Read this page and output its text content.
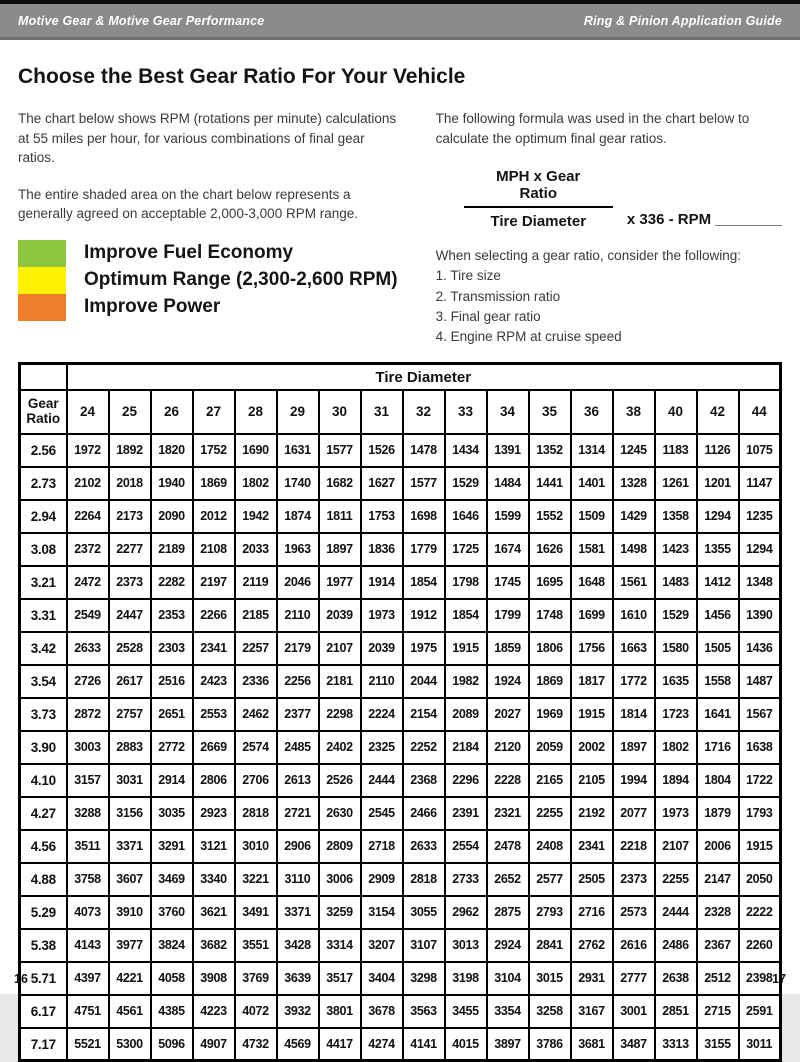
Motive Gear & Motive Gear Performance	Ring & Pinion Application Guide
Choose the Best Gear Ratio For Your Vehicle

The chart below shows RPM (rotations per minute) calculations at 55 miles per hour, for various combinations of final gear ratios.

The entire shaded area on the chart below represents a generally agreed on acceptable 2,000-3,000 RPM range.

Improve Fuel Economy
Optimum Range (2,300-2,600 RPM)
Improve Power

The following formula was used in the chart below to calculate the optimum final gear ratios.

$\frac{\text{MPH x Gear Ratio}}{\text{Tire Diameter}}$ x 336 - RPM ________
When selecting a gear ratio, consider the following:
1. Tire size
2. Transmission ratio
3. Final gear ratio
4. Engine RPM at cruise speed
	Tire Diameter																
Gear Ratio	24	25	26	27	28	29	30	31	32	33	34	35	36	38	40	42	44
2.56	1972	1892	1820	1752	1690	1631	1577	1526	1478	1434	1391	1352	1314	1245	1183	1126	1075
2.73	2102	2018	1940	1869	1802	1740	1682	1627	1577	1529	1484	1441	1401	1328	1261	1201	1147
2.94	2264	2173	2090	2012	1942	1874	1811	1753	1698	1646	1599	1552	1509	1429	1358	1294	1235
3.08	2372	2277	2189	2108	2033	1963	1897	1836	1779	1725	1674	1626	1581	1498	1423	1355	1294
3.21	2472	2373	2282	2197	2119	2046	1977	1914	1854	1798	1745	1695	1648	1561	1483	1412	1348
3.31	2549	2447	2353	2266	2185	2110	2039	1973	1912	1854	1799	1748	1699	1610	1529	1456	1390
3.42	2633	2528	2303	2341	2257	2179	2107	2039	1975	1915	1859	1806	1756	1663	1580	1505	1436
3.54	2726	2617	2516	2423	2336	2256	2181	2110	2044	1982	1924	1869	1817	1772	1635	1558	1487
3.73	2872	2757	2651	2553	2462	2377	2298	2224	2154	2089	2027	1969	1915	1814	1723	1641	1567
3.90	3003	2883	2772	2669	2574	2485	2402	2325	2252	2184	2120	2059	2002	1897	1802	1716	1638
4.10	3157	3031	2914	2806	2706	2613	2526	2444	2368	2296	2228	2165	2105	1994	1894	1804	1722
4.27	3288	3156	3035	2923	2818	2721	2630	2545	2466	2391	2321	2255	2192	2077	1973	1879	1793
4.56	3511	3371	3291	3121	3010	2906	2809	2718	2633	2554	2478	2408	2341	2218	2107	2006	1915
4.88	3758	3607	3469	3340	3221	3110	3006	2909	2818	2733	2652	2577	2505	2373	2255	2147	2050
5.29	4073	3910	3760	3621	3491	3371	3259	3154	3055	2962	2875	2793	2716	2573	2444	2328	2222
5.38	4143	3977	3824	3682	3551	3428	3314	3207	3107	3013	2924	2841	2762	2616	2486	2367	2260
5.71	4397	4221	4058	3908	3769	3639	3517	3404	3298	3198	3104	3015	2931	2777	2638	2512	2398
6.17	4751	4561	4385	4223	4072	3932	3801	3678	3563	3455	3354	3258	3167	3001	2851	2715	2591
7.17	5521	5300	5096	4907	4732	4569	4417	4274	4141	4015	3897	3786	3681	3487	3313	3155	3011
16	17
